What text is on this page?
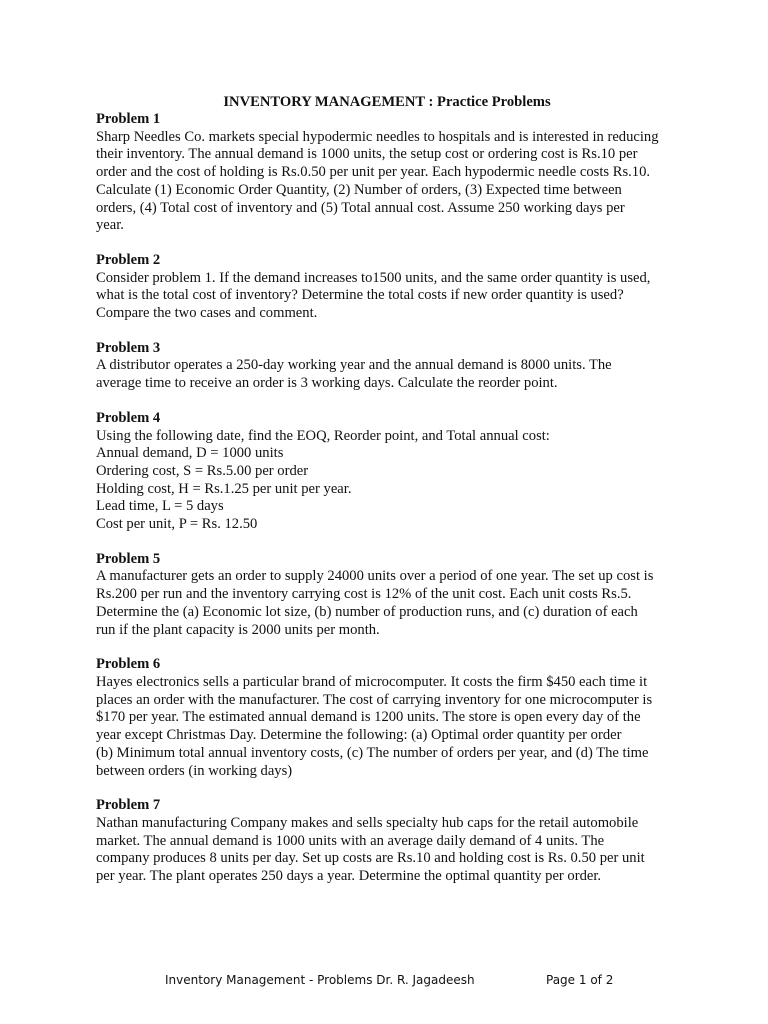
INVENTORY MANAGEMENT : Practice Problems
Problem 1
Sharp Needles Co. markets special hypodermic needles to hospitals and is interested in reducing
their inventory. The annual demand is 1000 units, the setup cost or ordering cost is Rs.10 per
order and the cost of holding is Rs.0.50 per unit per year. Each hypodermic needle costs Rs.10.
Calculate (1) Economic Order Quantity, (2) Number of orders, (3) Expected time between
orders, (4) Total cost of inventory and (5) Total annual cost. Assume 250 working days per
year.
Problem 2
Consider problem 1. If the demand increases to1500 units, and the same order quantity is used,
what is the total cost of inventory? Determine the total costs if new order quantity is used?
Compare the two cases and comment.
Problem 3
A distributor operates a 250-day working year and the annual demand is 8000 units. The
average time to receive an order is 3 working days. Calculate the reorder point.
Problem 4
Using the following date, find the EOQ, Reorder point, and Total annual cost:
Annual demand, D = 1000 units
Ordering cost, S = Rs.5.00 per order
Holding cost, H = Rs.1.25 per unit per year.
Lead time, L = 5 days
Cost per unit, P = Rs. 12.50
Problem 5
A manufacturer gets an order to supply 24000 units over a period of one year. The set up cost is
Rs.200 per run and the inventory carrying cost is 12% of the unit cost. Each unit costs Rs.5.
Determine the (a) Economic lot size, (b) number of production runs, and (c) duration of each
run if the plant capacity is 2000 units per month.
Problem 6
Hayes electronics sells a particular brand of microcomputer. It costs the firm $450 each time it
places an order with the manufacturer. The cost of carrying inventory for one microcomputer is
$170 per year. The estimated annual demand is 1200 units. The store is open every day of the
year except Christmas Day. Determine the following: (a) Optimal order quantity per order
(b) Minimum total annual inventory costs, (c) The number of orders per year, and (d) The time
between orders (in working days)
Problem 7
Nathan manufacturing Company makes and sells specialty hub caps for the retail automobile
market. The annual demand is 1000 units with an average daily demand of 4 units. The
company produces 8 units per day. Set up costs are Rs.10 and holding cost is Rs. 0.50 per unit
per year. The plant operates 250 days a year. Determine the optimal quantity per order.
Inventory Management - Problems Dr. R. Jagadeesh	Page 1 of 2
